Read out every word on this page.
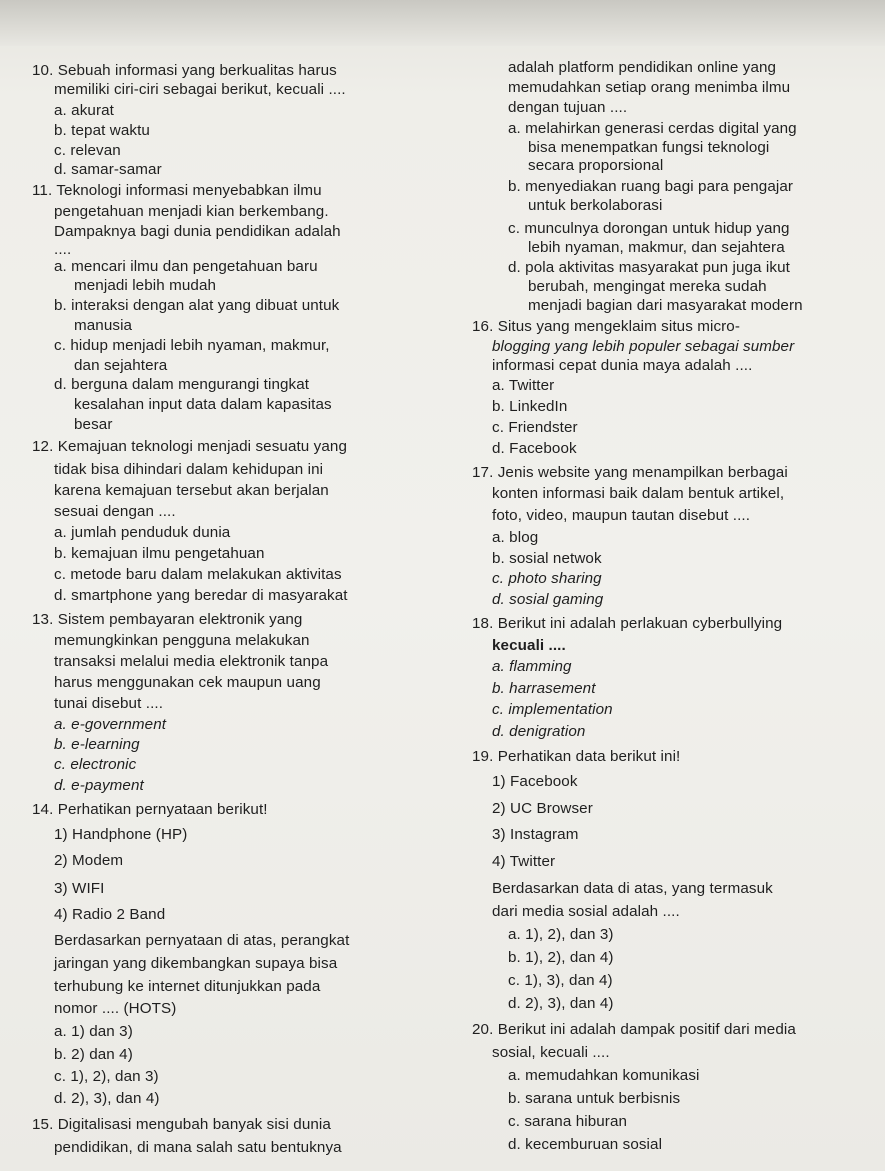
10. Sebuah informasi yang berkualitas harus
memiliki ciri-ciri sebagai berikut, kecuali ....
a. akurat
b. tepat waktu
c. relevan
d. samar-samar
11. Teknologi informasi menyebabkan ilmu
pengetahuan menjadi kian berkembang.
Dampaknya bagi dunia pendidikan adalah
....
a. mencari ilmu dan pengetahuan baru
menjadi lebih mudah
b. interaksi dengan alat yang dibuat untuk
manusia
c. hidup menjadi lebih nyaman, makmur,
dan sejahtera
d. berguna dalam mengurangi tingkat
kesalahan input data dalam kapasitas
besar
12. Kemajuan teknologi menjadi sesuatu yang
tidak bisa dihindari dalam kehidupan ini
karena kemajuan tersebut akan berjalan
sesuai dengan ....
a. jumlah penduduk dunia
b. kemajuan ilmu pengetahuan
c. metode baru dalam melakukan aktivitas
d. smartphone yang beredar di masyarakat
13. Sistem pembayaran elektronik yang
memungkinkan pengguna melakukan
transaksi melalui media elektronik tanpa
harus menggunakan cek maupun uang
tunai disebut ....
a. e-government
b. e-learning
c. electronic
d. e-payment
14. Perhatikan pernyataan berikut!
1) Handphone (HP)
2) Modem
3) WIFI
4) Radio 2 Band
Berdasarkan pernyataan di atas, perangkat
jaringan yang dikembangkan supaya bisa
terhubung ke internet ditunjukkan pada
nomor .... (HOTS)
a. 1) dan 3)
b. 2) dan 4)
c. 1), 2), dan 3)
d. 2), 3), dan 4)
15. Digitalisasi mengubah banyak sisi dunia
pendidikan, di mana salah satu bentuknya
adalah platform pendidikan online yang
memudahkan setiap orang menimba ilmu
dengan tujuan ....
a. melahirkan generasi cerdas digital yang
bisa menempatkan fungsi teknologi
secara proporsional
b. menyediakan ruang bagi para pengajar
untuk berkolaborasi
c. munculnya dorongan untuk hidup yang
lebih nyaman, makmur, dan sejahtera
d. pola aktivitas masyarakat pun juga ikut
berubah, mengingat mereka sudah
menjadi bagian dari masyarakat modern
16. Situs yang mengeklaim situs micro-
blogging yang lebih populer sebagai sumber
informasi cepat dunia maya adalah ....
a. Twitter
b. LinkedIn
c. Friendster
d. Facebook
17. Jenis website yang menampilkan berbagai
konten informasi baik dalam bentuk artikel,
foto, video, maupun tautan disebut ....
a. blog
b. sosial netwok
c. photo sharing
d. sosial gaming
18. Berikut ini adalah perlakuan cyberbullying
kecuali ....
a. flamming
b. harrasement
c. implementation
d. denigration
19. Perhatikan data berikut ini!
1) Facebook
2) UC Browser
3) Instagram
4) Twitter
Berdasarkan data di atas, yang termasuk
dari media sosial adalah ....
a. 1), 2), dan 3)
b. 1), 2), dan 4)
c. 1), 3), dan 4)
d. 2), 3), dan 4)
20. Berikut ini adalah dampak positif dari media
sosial, kecuali ....
a. memudahkan komunikasi
b. sarana untuk berbisnis
c. sarana hiburan
d. kecemburuan sosial
